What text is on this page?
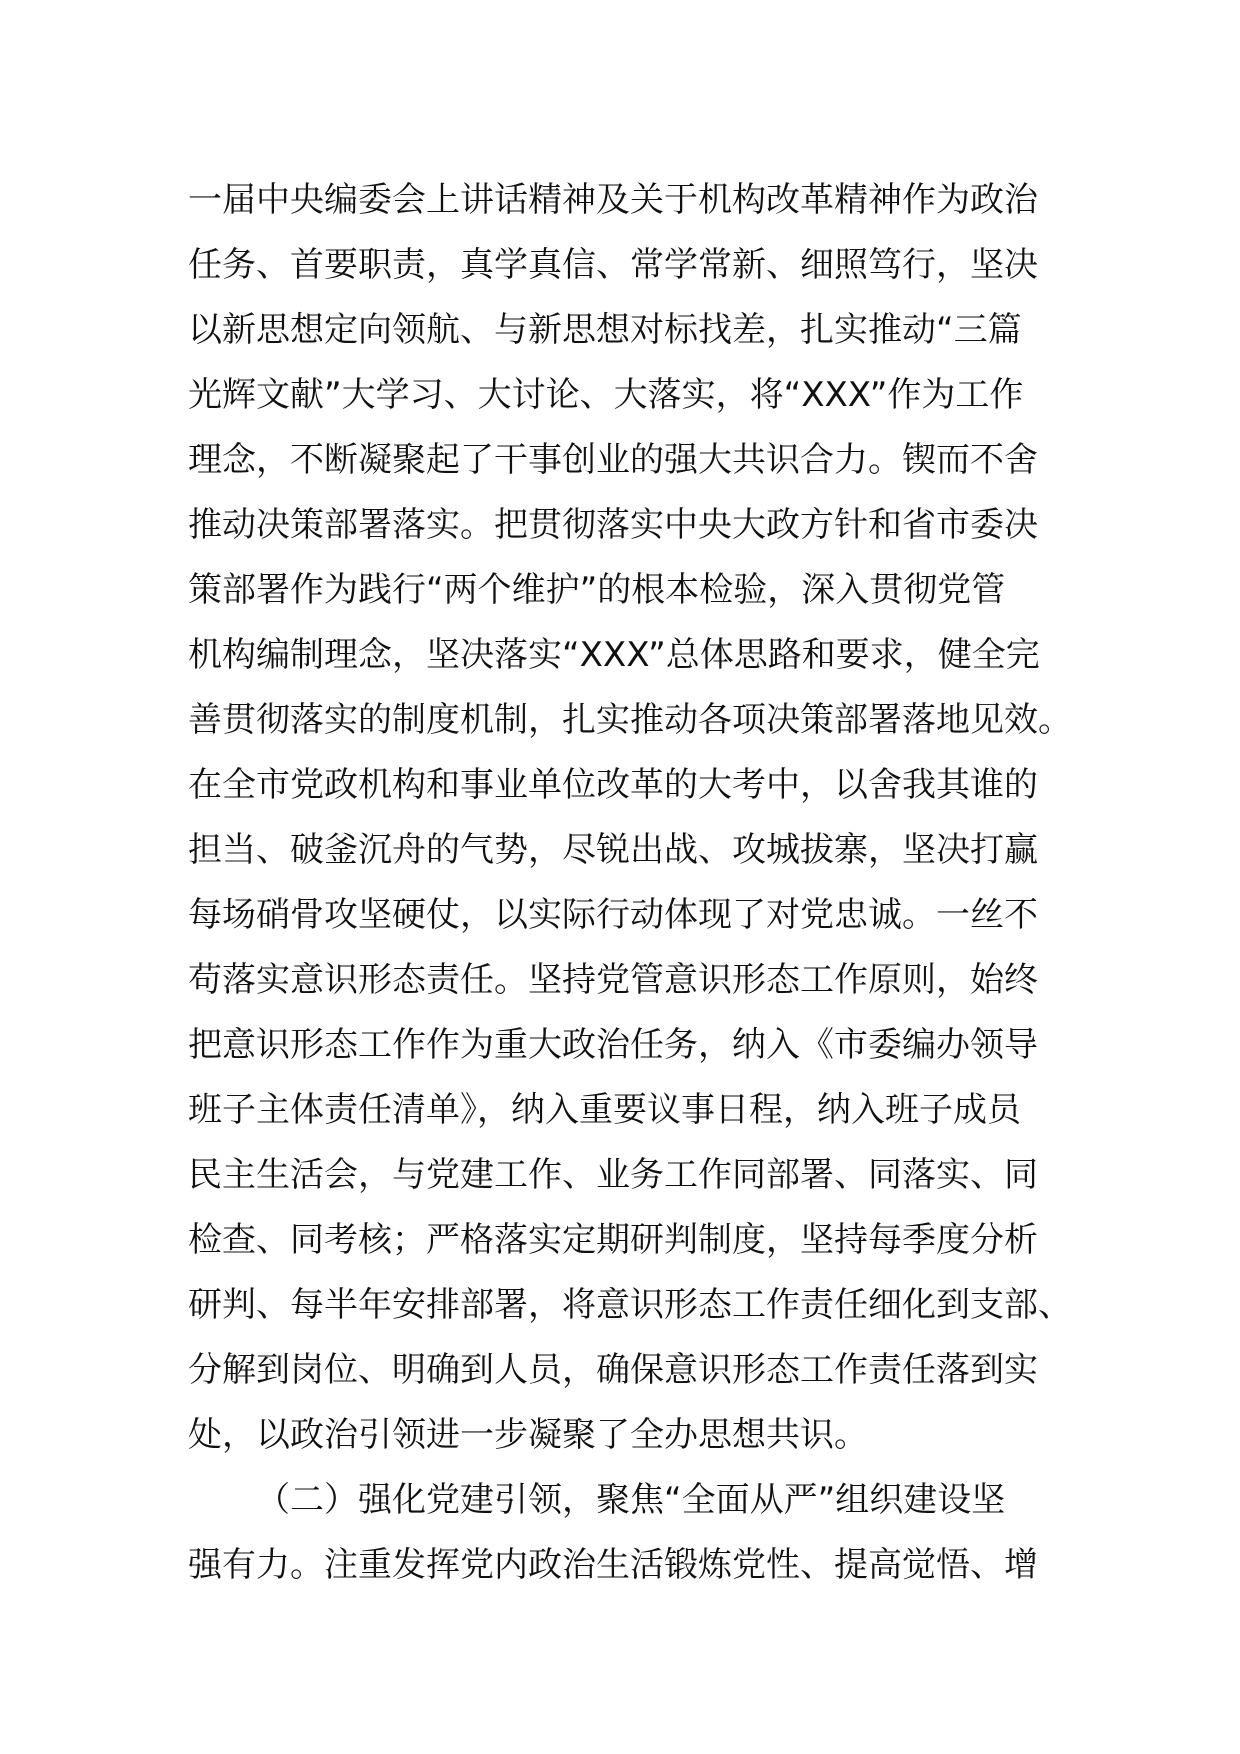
一届中央编委会上讲话精神及关于机构改革精神作为政治
任务、首要职责，真学真信、常学常新、细照笃行，坚决
以新思想定向领航、与新思想对标找差，扎实推动“三篇
光辉文献”大学习、大讨论、大落实，将“XXX”作为工作
理念，不断凝聚起了干事创业的强大共识合力。锲而不舍
推动决策部署落实。把贯彻落实中央大政方针和省市委决
策部署作为践行“两个维护”的根本检验，深入贯彻党管
机构编制理念，坚决落实“XXX”总体思路和要求，健全完
善贯彻落实的制度机制，扎实推动各项决策部署落地见效。
在全市党政机构和事业单位改革的大考中，以舍我其谁的
担当、破釜沉舟的气势，尽锐出战、攻城拔寨，坚决打赢
每场硝骨攻坚硬仗，以实际行动体现了对党忠诚。一丝不
苟落实意识形态责任。坚持党管意识形态工作原则，始终
把意识形态工作作为重大政治任务，纳入《市委编办领导
班子主体责任清单》，纳入重要议事日程，纳入班子成员
民主生活会，与党建工作、业务工作同部署、同落实、同
检查、同考核；严格落实定期研判制度，坚持每季度分析
研判、每半年安排部署，将意识形态工作责任细化到支部、
分解到岗位、明确到人员，确保意识形态工作责任落到实
处，以政治引领进一步凝聚了全办思想共识。
（二）强化党建引领，聚焦“全面从严”组织建设坚
强有力。注重发挥党内政治生活锻炼党性、提高觉悟、增
